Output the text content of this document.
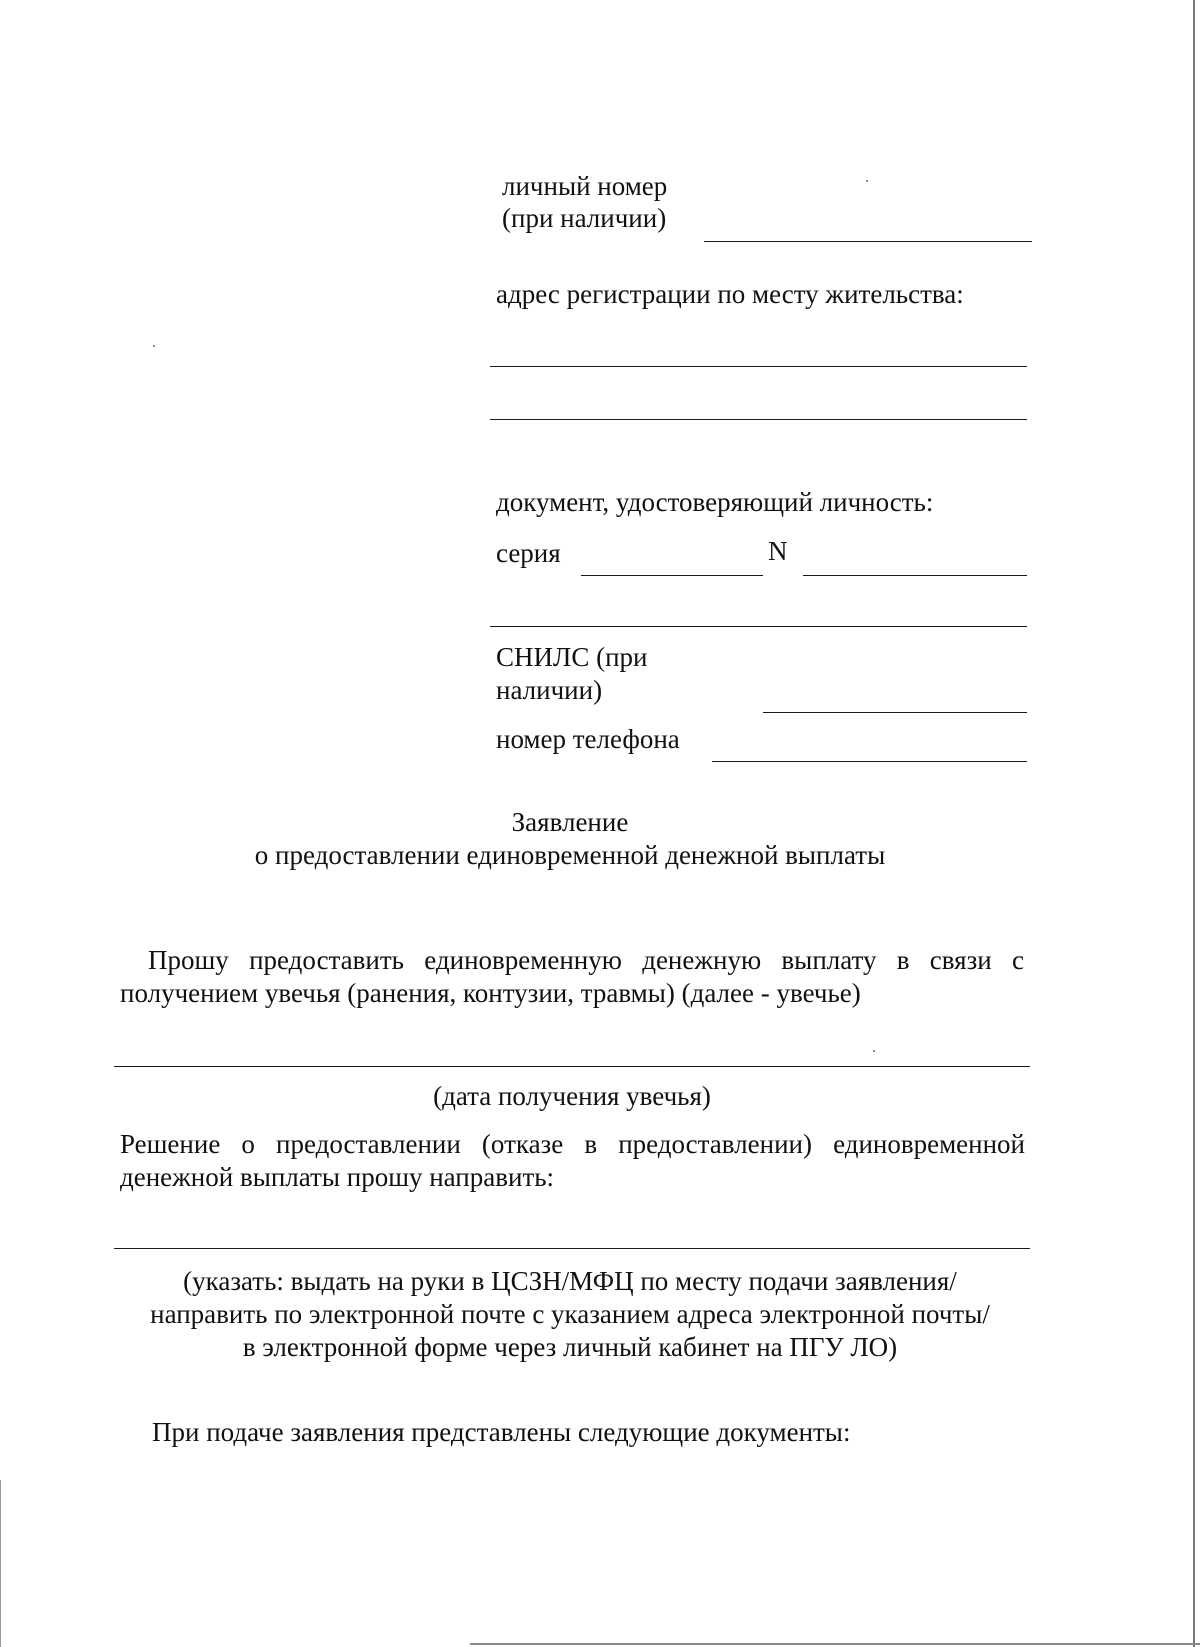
личный номер
(при наличии)
адрес регистрации по месту жительства:
документ, удостоверяющий личность:
серия	N
СНИЛС (при
наличии)
номер телефона
Заявление
о предоставлении единовременной денежной выплаты
Прошу предоставить единовременную денежную выплату в связи с
получением увечья (ранения, контузии, травмы) (далее - увечье)
(дата получения увечья)
Решение о предоставлении (отказе в предоставлении) единовременной
денежной выплаты прошу направить:
(указать: выдать на руки в ЦСЗН/МФЦ по месту подачи заявления/
направить по электронной почте с указанием адреса электронной почты/
в электронной форме через личный кабинет на ПГУ ЛО)
При подаче заявления представлены следующие документы:
